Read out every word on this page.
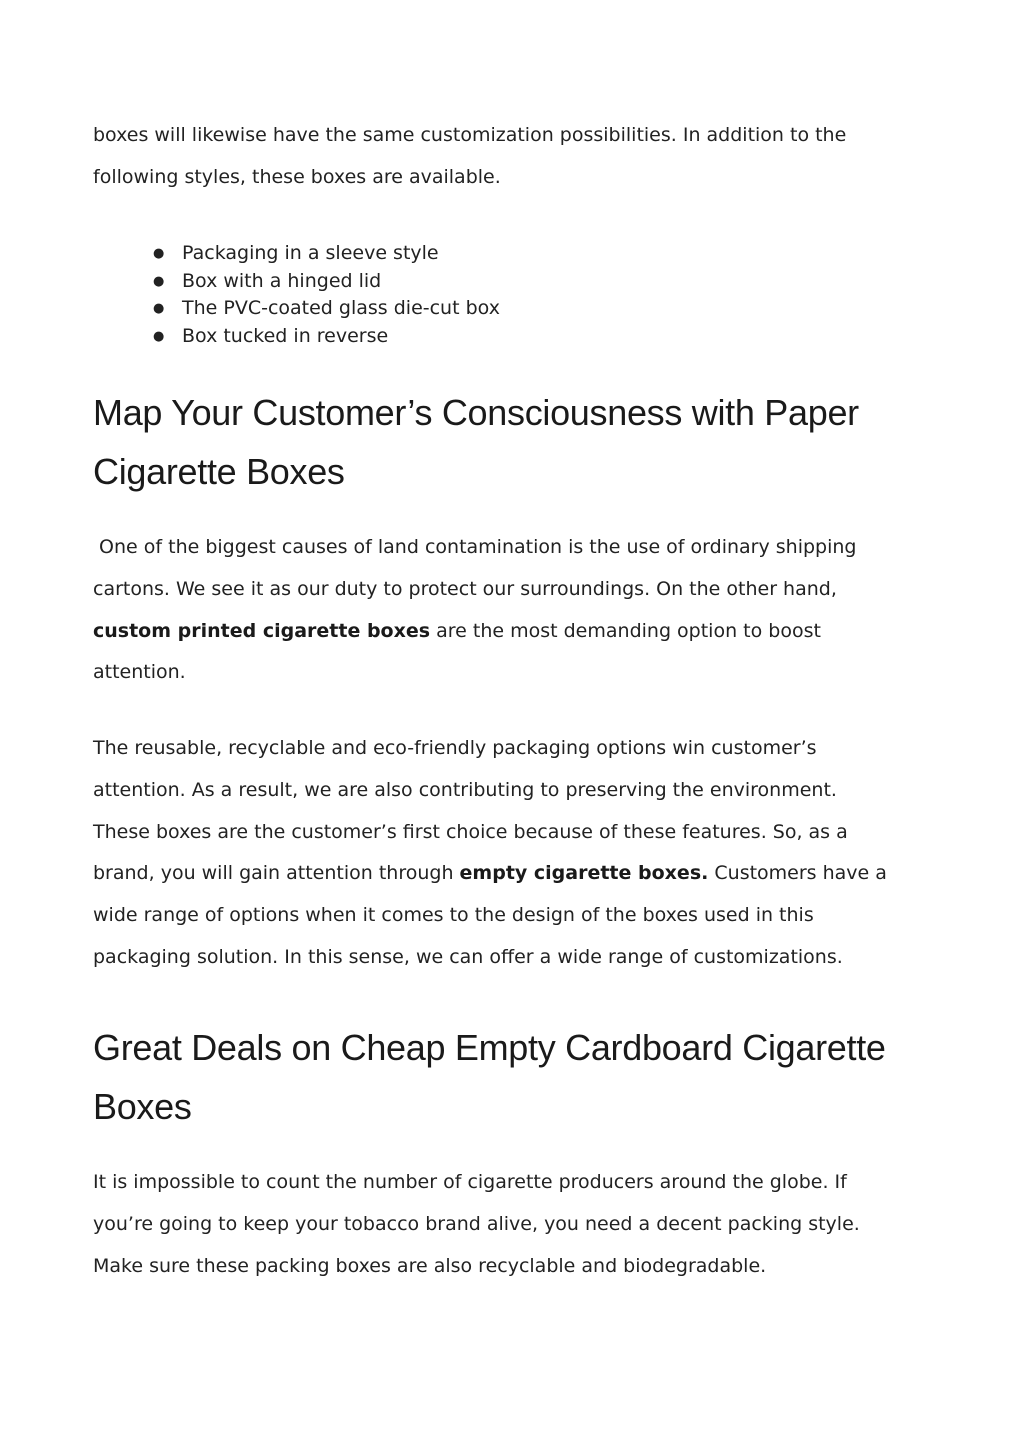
boxes will likewise have the same customization possibilities. In addition to the
following styles, these boxes are available.

● Packaging in a sleeve style
● Box with a hinged lid
● The PVC-coated glass die-cut box
● Box tucked in reverse
Map Your Customer’s Consciousness with Paper
Cigarette Boxes

One of the biggest causes of land contamination is the use of ordinary shipping
cartons. We see it as our duty to protect our surroundings. On the other hand,
custom printed cigarette boxes are the most demanding option to boost
attention.

The reusable, recyclable and eco-friendly packaging options win customer’s
attention. As a result, we are also contributing to preserving the environment.
These boxes are the customer’s first choice because of these features. So, as a
brand, you will gain attention through empty cigarette boxes. Customers have a
wide range of options when it comes to the design of the boxes used in this
packaging solution. In this sense, we can offer a wide range of customizations.

Great Deals on Cheap Empty Cardboard Cigarette
Boxes

It is impossible to count the number of cigarette producers around the globe. If
you’re going to keep your tobacco brand alive, you need a decent packing style.
Make sure these packing boxes are also recyclable and biodegradable.
